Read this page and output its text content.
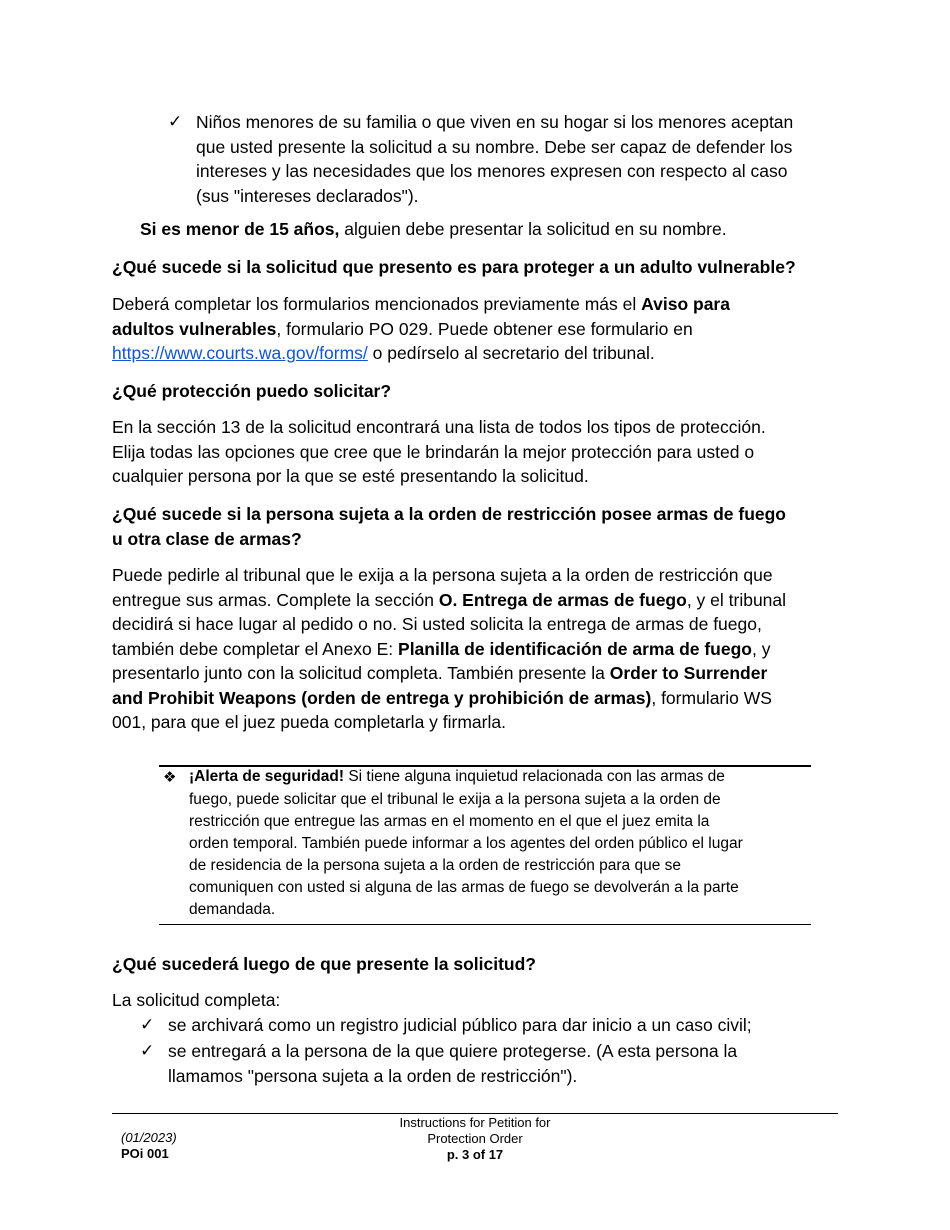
✓ Niños menores de su familia o que viven en su hogar si los menores aceptan
que usted presente la solicitud a su nombre. Debe ser capaz de defender los
intereses y las necesidades que los menores expresen con respecto al caso
(sus "intereses declarados").
Si es menor de 15 años, alguien debe presentar la solicitud en su nombre.
¿Qué sucede si la solicitud que presento es para proteger a un adulto vulnerable?
Deberá completar los formularios mencionados previamente más el Aviso para
adultos vulnerables, formulario PO 029. Puede obtener ese formulario en
https://www.courts.wa.gov/forms/ o pedírselo al secretario del tribunal.
¿Qué protección puedo solicitar?
En la sección 13 de la solicitud encontrará una lista de todos los tipos de protección.
Elija todas las opciones que cree que le brindarán la mejor protección para usted o
cualquier persona por la que se esté presentando la solicitud.
¿Qué sucede si la persona sujeta a la orden de restricción posee armas de fuego
u otra clase de armas?
Puede pedirle al tribunal que le exija a la persona sujeta a la orden de restricción que
entregue sus armas. Complete la sección O. Entrega de armas de fuego, y el tribunal
decidirá si hace lugar al pedido o no. Si usted solicita la entrega de armas de fuego,
también debe completar el Anexo E: Planilla de identificación de arma de fuego, y
presentarlo junto con la solicitud completa. También presente la Order to Surrender
and Prohibit Weapons (orden de entrega y prohibición de armas), formulario WS
001, para que el juez pueda completarla y firmarla.
❖ ¡Alerta de seguridad! Si tiene alguna inquietud relacionada con las armas de
fuego, puede solicitar que el tribunal le exija a la persona sujeta a la orden de
restricción que entregue las armas en el momento en el que el juez emita la
orden temporal. También puede informar a los agentes del orden público el lugar
de residencia de la persona sujeta a la orden de restricción para que se
comuniquen con usted si alguna de las armas de fuego se devolverán a la parte
demandada.
¿Qué sucederá luego de que presente la solicitud?
La solicitud completa:
✓ se archivará como un registro judicial público para dar inicio a un caso civil;
✓ se entregará a la persona de la que quiere protegerse. (A esta persona la
llamamos "persona sujeta a la orden de restricción").
(01/2023)
POi 001
Instructions for Petition for
Protection Order
p. 3 of 17
